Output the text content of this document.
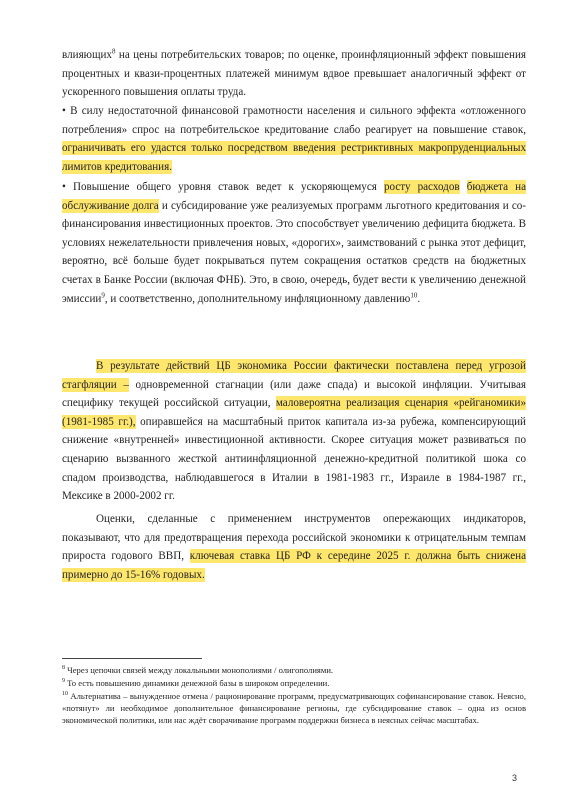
влияющих$^8$ на цены потребительских товаров; по оценке, проинфляционный эффект повышения процентных и квази-процентных платежей минимум вдвое превышает аналогичный эффект от ускоренного повышения оплаты труда.

• В силу недостаточной финансовой грамотности населения и сильного эффекта «отложенного потребления» спрос на потребительское кредитование слабо реагирует на повышение ставок, ограничивать его удастся только посредством введения рестриктивных макропруденциальных лимитов кредитования.

• Повышение общего уровня ставок ведет к ускоряющемуся росту расходов бюджета на обслуживание долга и субсидирование уже реализуемых программ льготного кредитования и со-финансирования инвестиционных проектов. Это способствует увеличению дефицита бюджета. В условиях нежелательности привлечения новых, «дорогих», заимствований с рынка этот дефицит, вероятно, всё больше будет покрываться путем сокращения остатков средств на бюджетных счетах в Банке России (включая ФНБ). Это, в свою, очередь, будет вести к увеличению денежной эмиссии$^9$, и соответственно, дополнительному инфляционному давлению$^{10}$.

В результате действий ЦБ экономика России фактически поставлена перед угрозой стагфляции – одновременной стагнации (или даже спада) и высокой инфляции. Учитывая специфику текущей российской ситуации, маловероятна реализация сценария «рейганомики» (1981-1985 гг.), опиравшейся на масштабный приток капитала из-за рубежа, компенсирующий снижение «внутренней» инвестиционной активности. Скорее ситуация может развиваться по сценарию вызванного жесткой антиинфляционной денежно-кредитной политикой шока со спадом производства, наблюдавшегося в Италии в 1981-1983 гг., Израиле в 1984-1987 гг., Мексике в 2000-2002 гг.

Оценки, сделанные с применением инструментов опережающих индикаторов, показывают, что для предотвращения перехода российской экономики к отрицательным темпам прироста годового ВВП, ключевая ставка ЦБ РФ к середине 2025 г. должна быть снижена примерно до 15-16% годовых.

$^8$ Через цепочки связей между локальными монополиями / олигополиями.

$^9$ То есть повышению динамики денежной базы в широком определении.

$^{10}$ Альтернатива – вынужденное отмена / рационирование программ, предусматривающих софинансирование ставок. Неясно, «потянут» ли необходимое дополнительное финансирование регионы, где субсидирование ставок – одна из основ экономической политики, или нас ждёт сворачивание программ поддержки бизнеса в неясных сейчас масштабах.

3
